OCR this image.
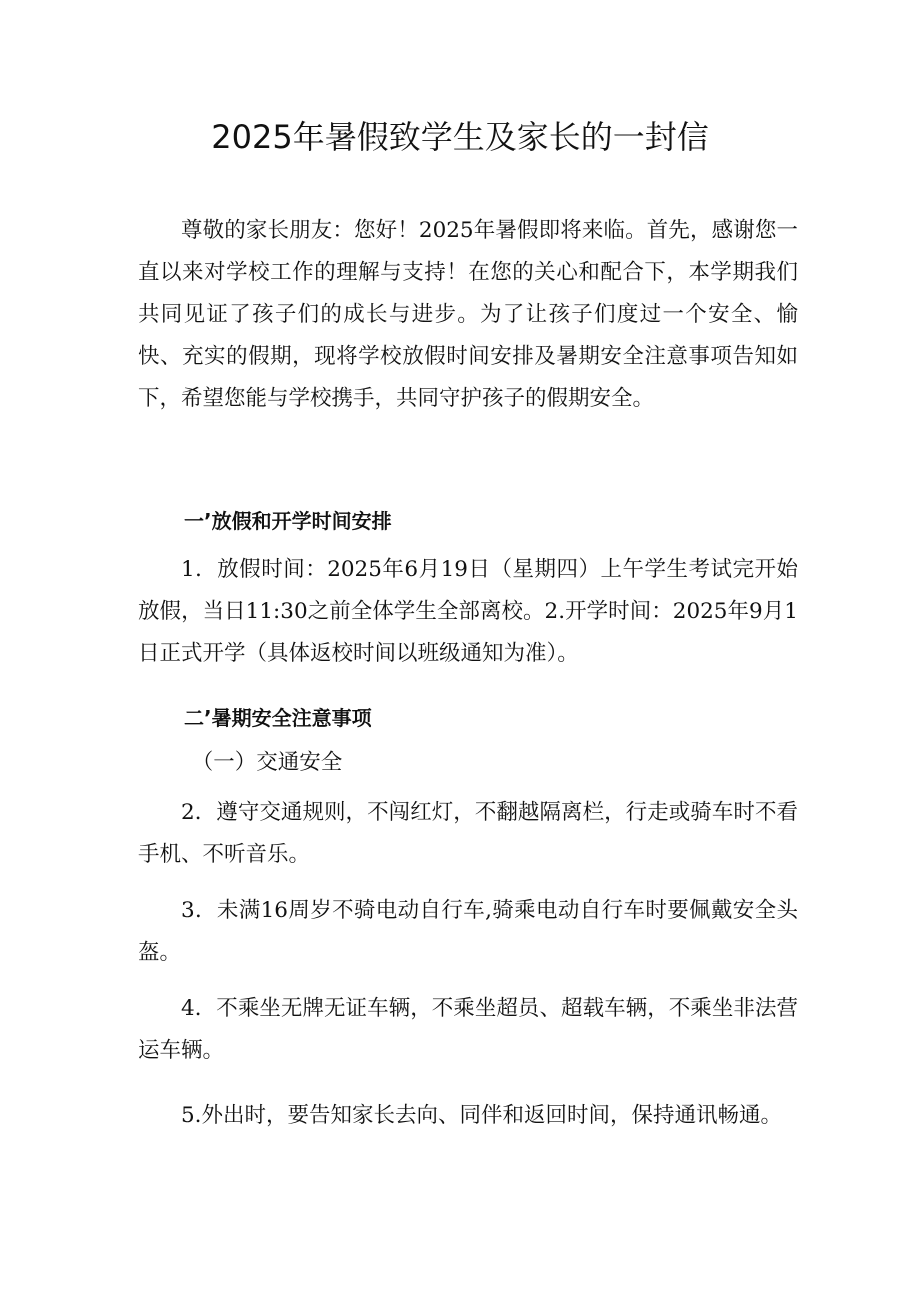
2025年暑假致学生及家长的一封信

尊敬的家长朋友：您好！2025年暑假即将来临。首先，感谢您一直以来对学校工作的理解与支持！在您的关心和配合下，本学期我们共同见证了孩子们的成长与进步。为了让孩子们度过一个安全、愉快、充实的假期，现将学校放假时间安排及暑期安全注意事项告知如下，希望您能与学校携手，共同守护孩子的假期安全。

一’放假和开学时间安排

1．放假时间：2025年6月19日（星期四）上午学生考试完开始放假，当日11:30之前全体学生全部离校。2.开学时间：2025年9月1日正式开学（具体返校时间以班级通知为准）。

二’暑期安全注意事项

（一）交通安全

2．遵守交通规则，不闯红灯，不翻越隔离栏，行走或骑车时不看手机、不听音乐。

3．未满16周岁不骑电动自行车,骑乘电动自行车时要佩戴安全头盔。

4．不乘坐无牌无证车辆，不乘坐超员、超载车辆，不乘坐非法营运车辆。

5.外出时，要告知家长去向、同伴和返回时间，保持通讯畅通。
